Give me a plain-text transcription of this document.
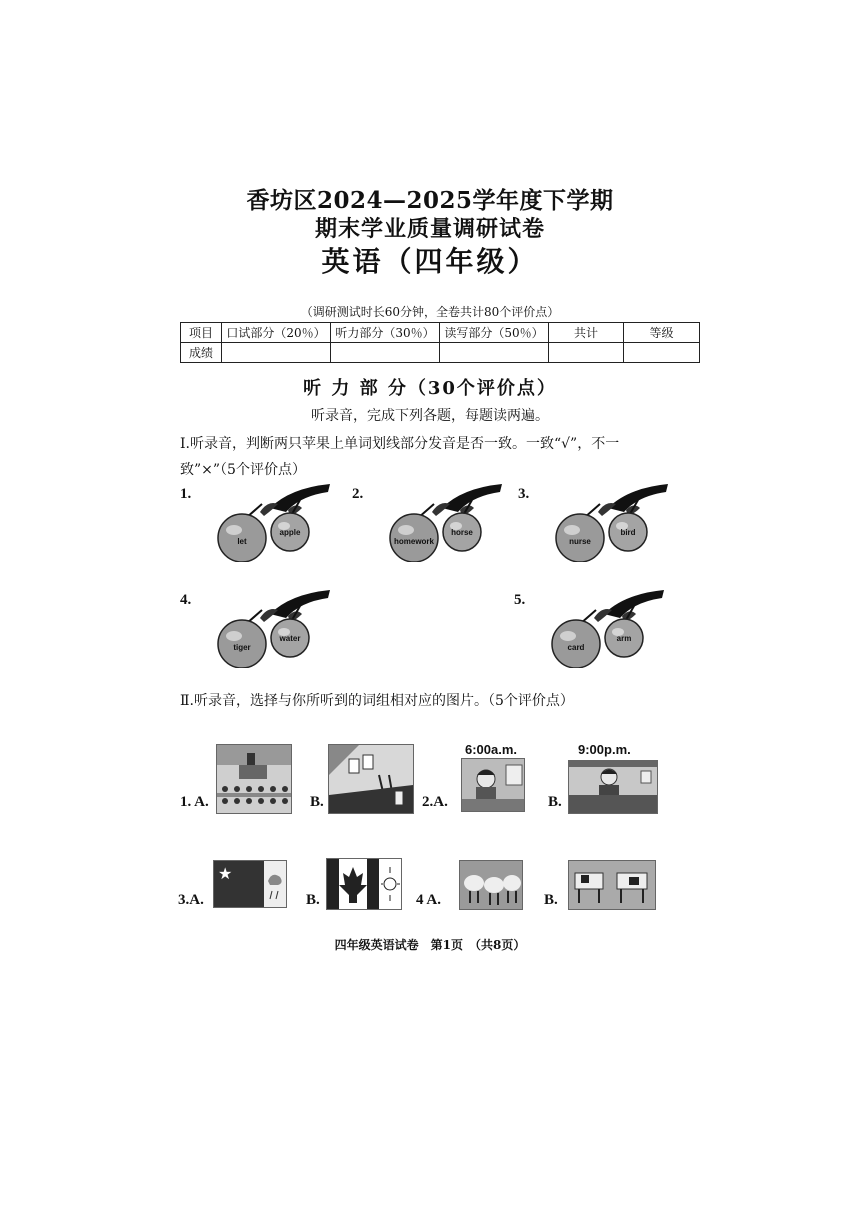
香坊区2024—2025学年度下学期
期末学业质量调研试卷
英语（四年级）
（调研测试时长60分钟，全卷共计80个评价点）
项目	口试部分（20％）	听力部分（30％）	读写部分（50％）	共计	等级
成绩					
听 力 部 分（30个评价点）
听录音，完成下列各题，每题读两遍。
Ⅰ.听录音，判断两只苹果上单词划线部分发音是否一致。一致“√”，不一
致”×”（5个评价点）
1.
let
apple
2.
homework
horse
3.
nurse
bird
4.
tiger
water
5.
card
arm
Ⅱ.听录音，选择与你所听到的词组相对应的图片。（5个评价点）
1. A.	B.
6:00a.m.
2.A.
9:00p.m.
B.
3.A.
★
B.	4 A.	B.
四年级英语试卷　第1页　（共8页）
